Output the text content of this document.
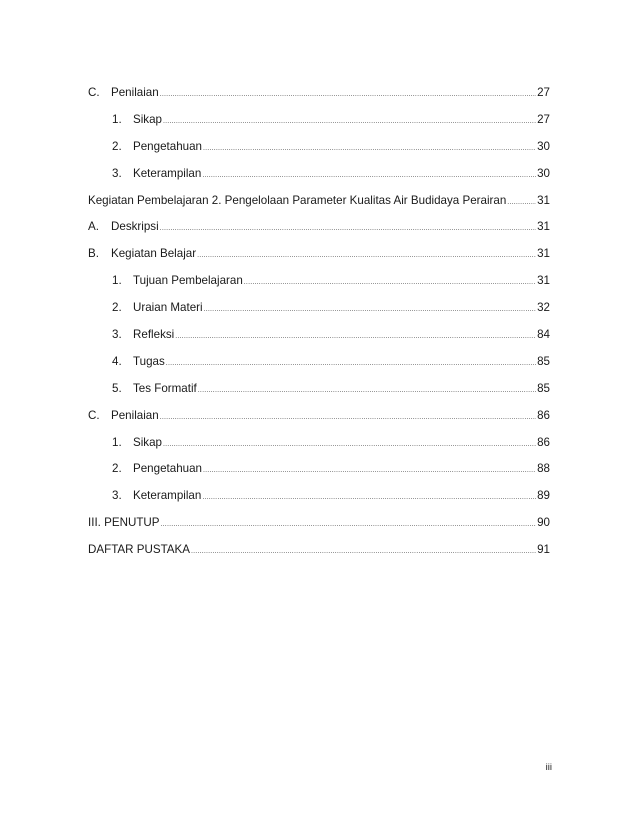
C. Penilaian .....	27
1. Sikap .....	27
2. Pengetahuan .....	30
3. Keterampilan .....	30
Kegiatan Pembelajaran 2. Pengelolaan Parameter Kualitas Air Budidaya Perairan .....	31
A.	Deskripsi .....	31
B.	Kegiatan Belajar .....	31
1. Tujuan Pembelajaran .....	31
2. Uraian Materi .....	32
3. Refleksi .....	84
4. Tugas .....	85
5. Tes Formatif .....	85
C. Penilaian .....	86
1. Sikap .....	86
2. Pengetahuan .....	88
3. Keterampilan .....	89
III. PENUTUP .....	90
DAFTAR PUSTAKA .....	91
iii
